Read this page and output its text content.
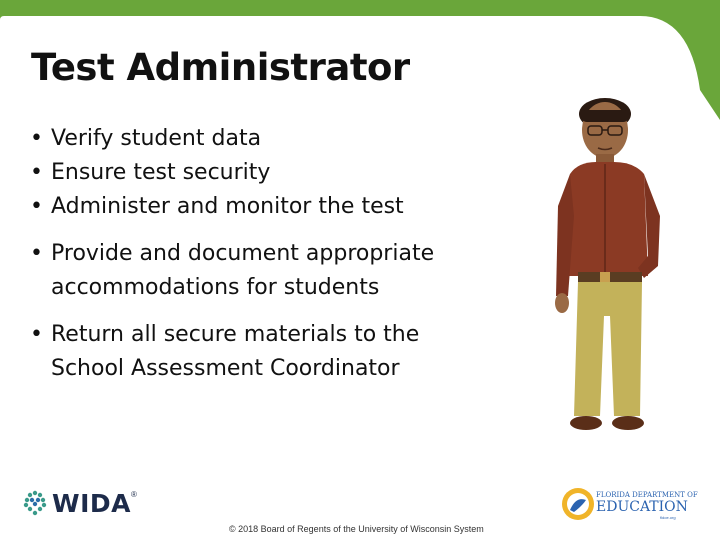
Test Administrator
• Verify student data
• Ensure test security
• Administer and monitor the test
• Provide and document appropriate accommodations for students
• Return all secure materials to the School Assessment Coordinator
WIDA ®
© 2018 Board of Regents of the University of Wisconsin System
FLORIDA DEPARTMENT OF
EDUCATION
fldoe.org
